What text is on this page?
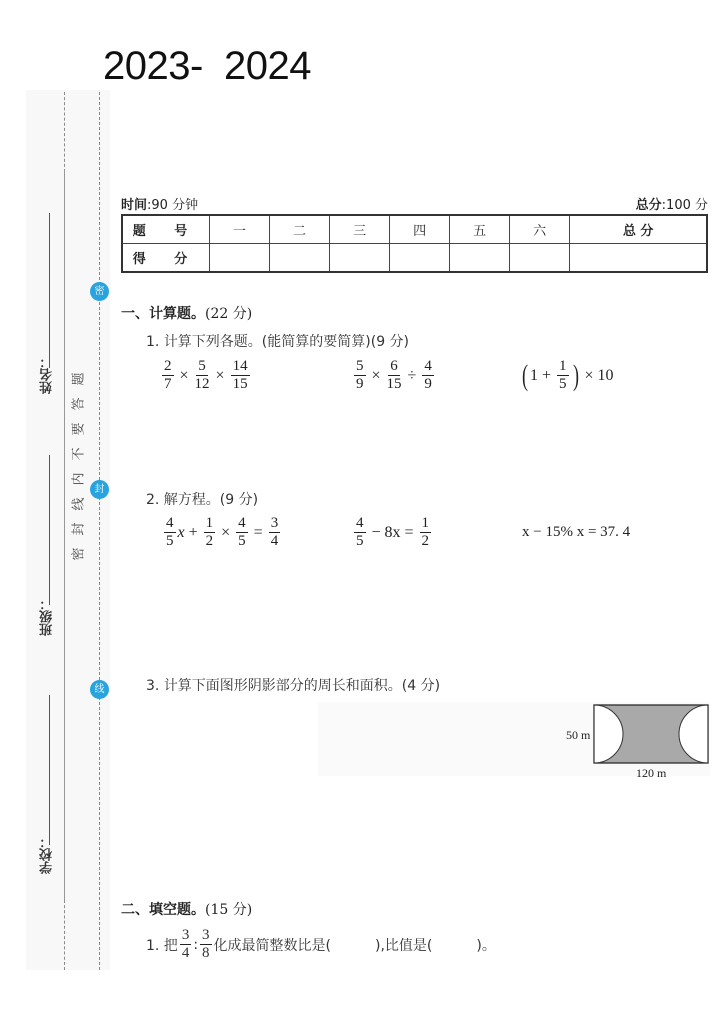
2023-  2024
姓名：
班级：
学校：
题
答
要
不
内
线
封
密
密
封
线
时间:90 分钟	总分:100 分
题 号	一	二	三	四	五	六	总 分
得 分							
一、计算题。(22 分)
1. 计算下列各题。(能简算的要简算)(9 分)
$\frac{2}{7} \times \frac{5}{12} \times \frac{14}{15}$	$\frac{5}{9} \times \frac{6}{15} \div \frac{4}{9}$	( $1 + \frac{1}{5}$ ) × 10
2. 解方程。(9 分)
$\frac{4}{5}$ $x + \frac{1}{2} \times \frac{4}{5} = \frac{3}{4}$	$\frac{4}{5} - 8x = \frac{1}{2}$	x − 15% x = 37. 4
3. 计算下面图形阴影部分的周长和面积。(4 分)
50 m
120 m
二、填空题。(15 分)
1. 把 $\frac{3}{4}$ : $\frac{3}{8}$ 化成最简整数比是(	),比值是(	)。
